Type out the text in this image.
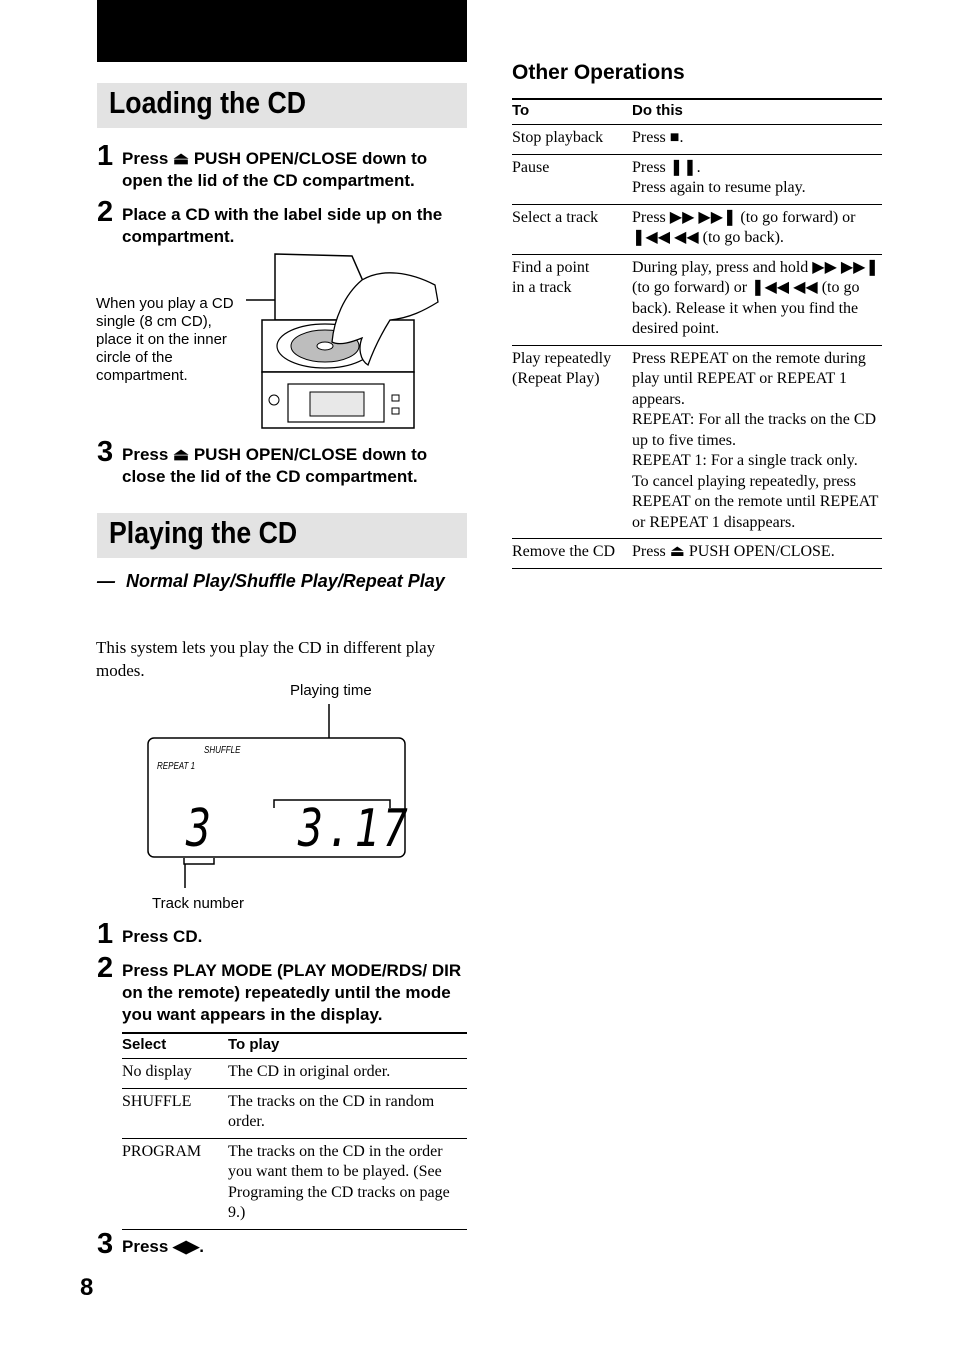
Loading the CD
1 Press ⏏ PUSH OPEN/CLOSE down to open the lid of the CD compartment.
2 Place a CD with the label side up on the compartment.
When you play a CD single (8 cm CD), place it on the inner circle of the compartment.
3 Press ⏏ PUSH OPEN/CLOSE down to close the lid of the CD compartment.
Playing the CD
— Normal Play/Shuffle Play/Repeat Play
This system lets you play the CD in different play modes.
Playing time
SHUFFLE
REPEAT 1
3 3.17
Track number
1 Press CD.
2 Press PLAY MODE (PLAY MODE/RDS/ DIR on the remote) repeatedly until the mode you want appears in the display.
Select	To play
No display	The CD in original order.
SHUFFLE	The tracks on the CD in random order.
PROGRAM	The tracks on the CD in the order you want them to be played. (See Programing the CD tracks on page 9.)
3 Press ◀▶.
8
Other Operations
To	Do this
Stop playback	Press ■.
Pause	Press ❚❚.
Press again to resume play.
Select a track	Press ▶▶ ▶▶❚ (to go forward) or ❚◀◀ ◀◀ (to go back).
Find a point
in a track	During play, press and hold ▶▶ ▶▶❚ (to go forward) or ❚◀◀ ◀◀ (to go back). Release it when you find the desired point.
Play repeatedly
(Repeat Play)	Press REPEAT on the remote during play until REPEAT or REPEAT 1 appears.
REPEAT: For all the tracks on the CD up to five times.
REPEAT 1: For a single track only.
To cancel playing repeatedly, press REPEAT on the remote until REPEAT or REPEAT 1 disappears.
Remove the CD	Press ⏏ PUSH OPEN/CLOSE.
